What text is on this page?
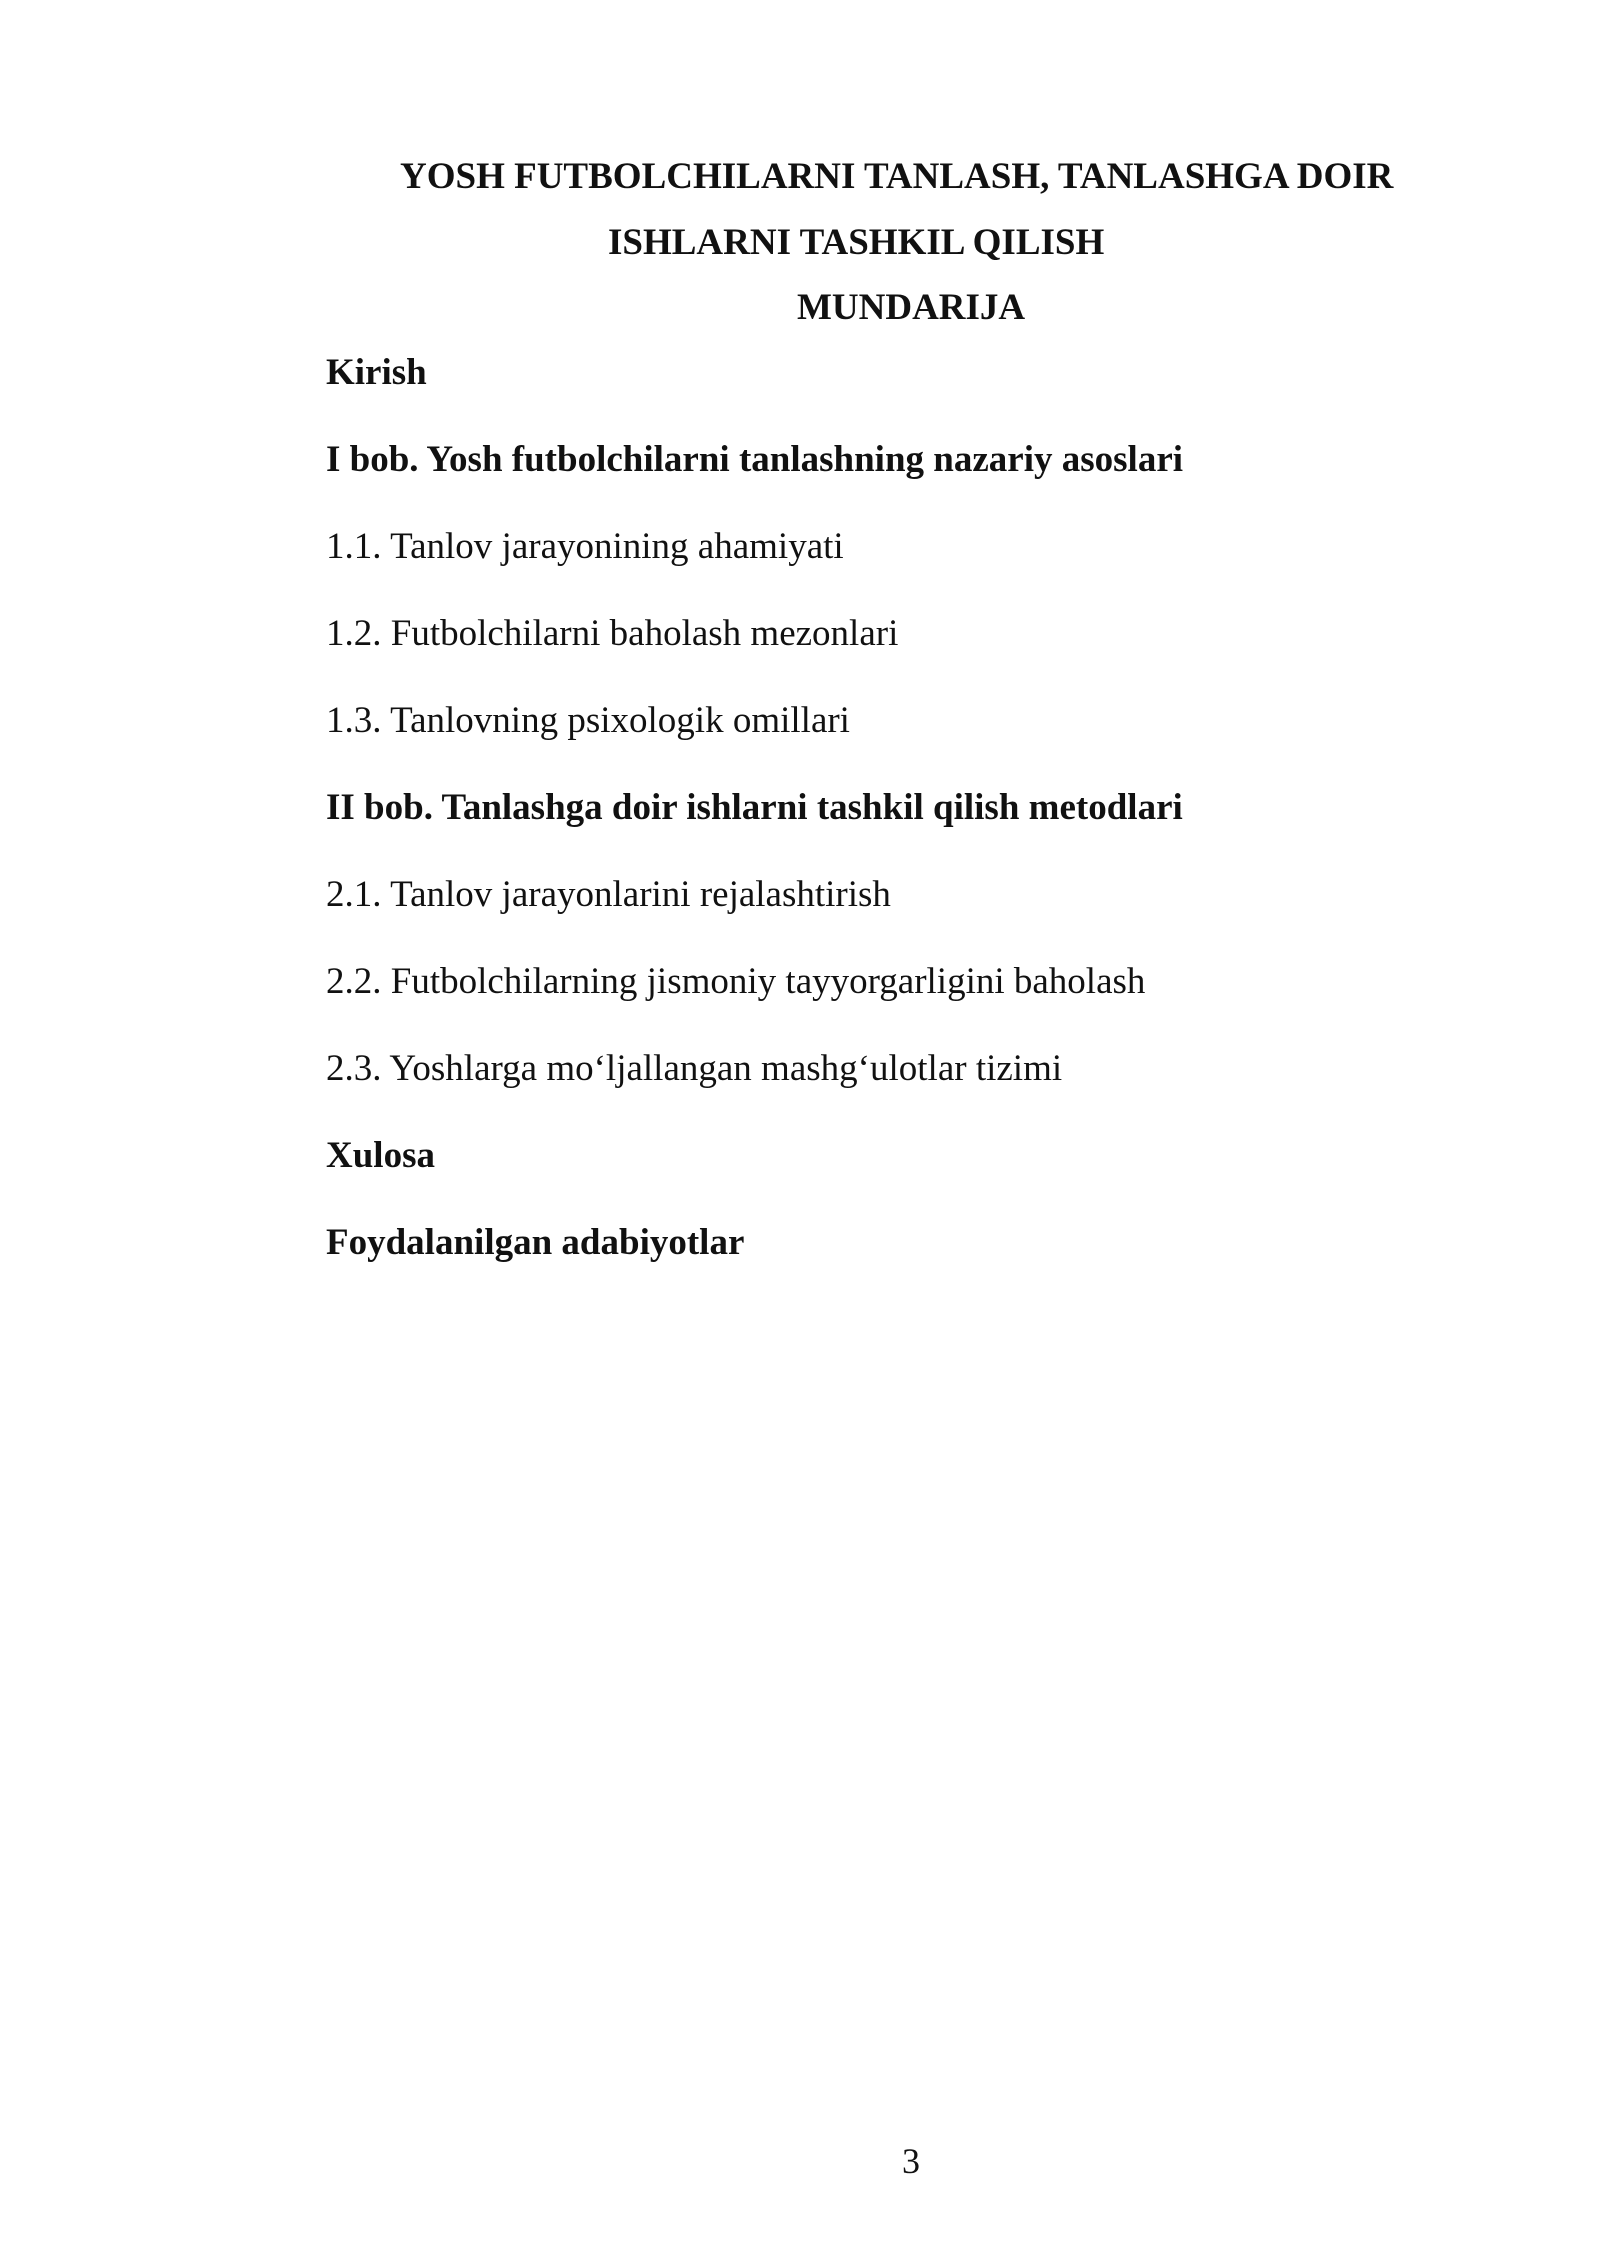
YOSH FUTBOLCHILARNI TANLASH, TANLASHGA DOIR
ISHLARNI TASHKIL QILISH
MUNDARIJA
Kirish
I bob. Yosh futbolchilarni tanlashning nazariy asoslari
1.1. Tanlov jarayonining ahamiyati
1.2. Futbolchilarni baholash mezonlari
1.3. Tanlovning psixologik omillari
II bob. Tanlashga doir ishlarni tashkil qilish metodlari
2.1. Tanlov jarayonlarini rejalashtirish
2.2. Futbolchilarning jismoniy tayyorgarligini baholash
2.3. Yoshlarga mo‘ljallangan mashg‘ulotlar tizimi
Xulosa
Foydalanilgan adabiyotlar
3
